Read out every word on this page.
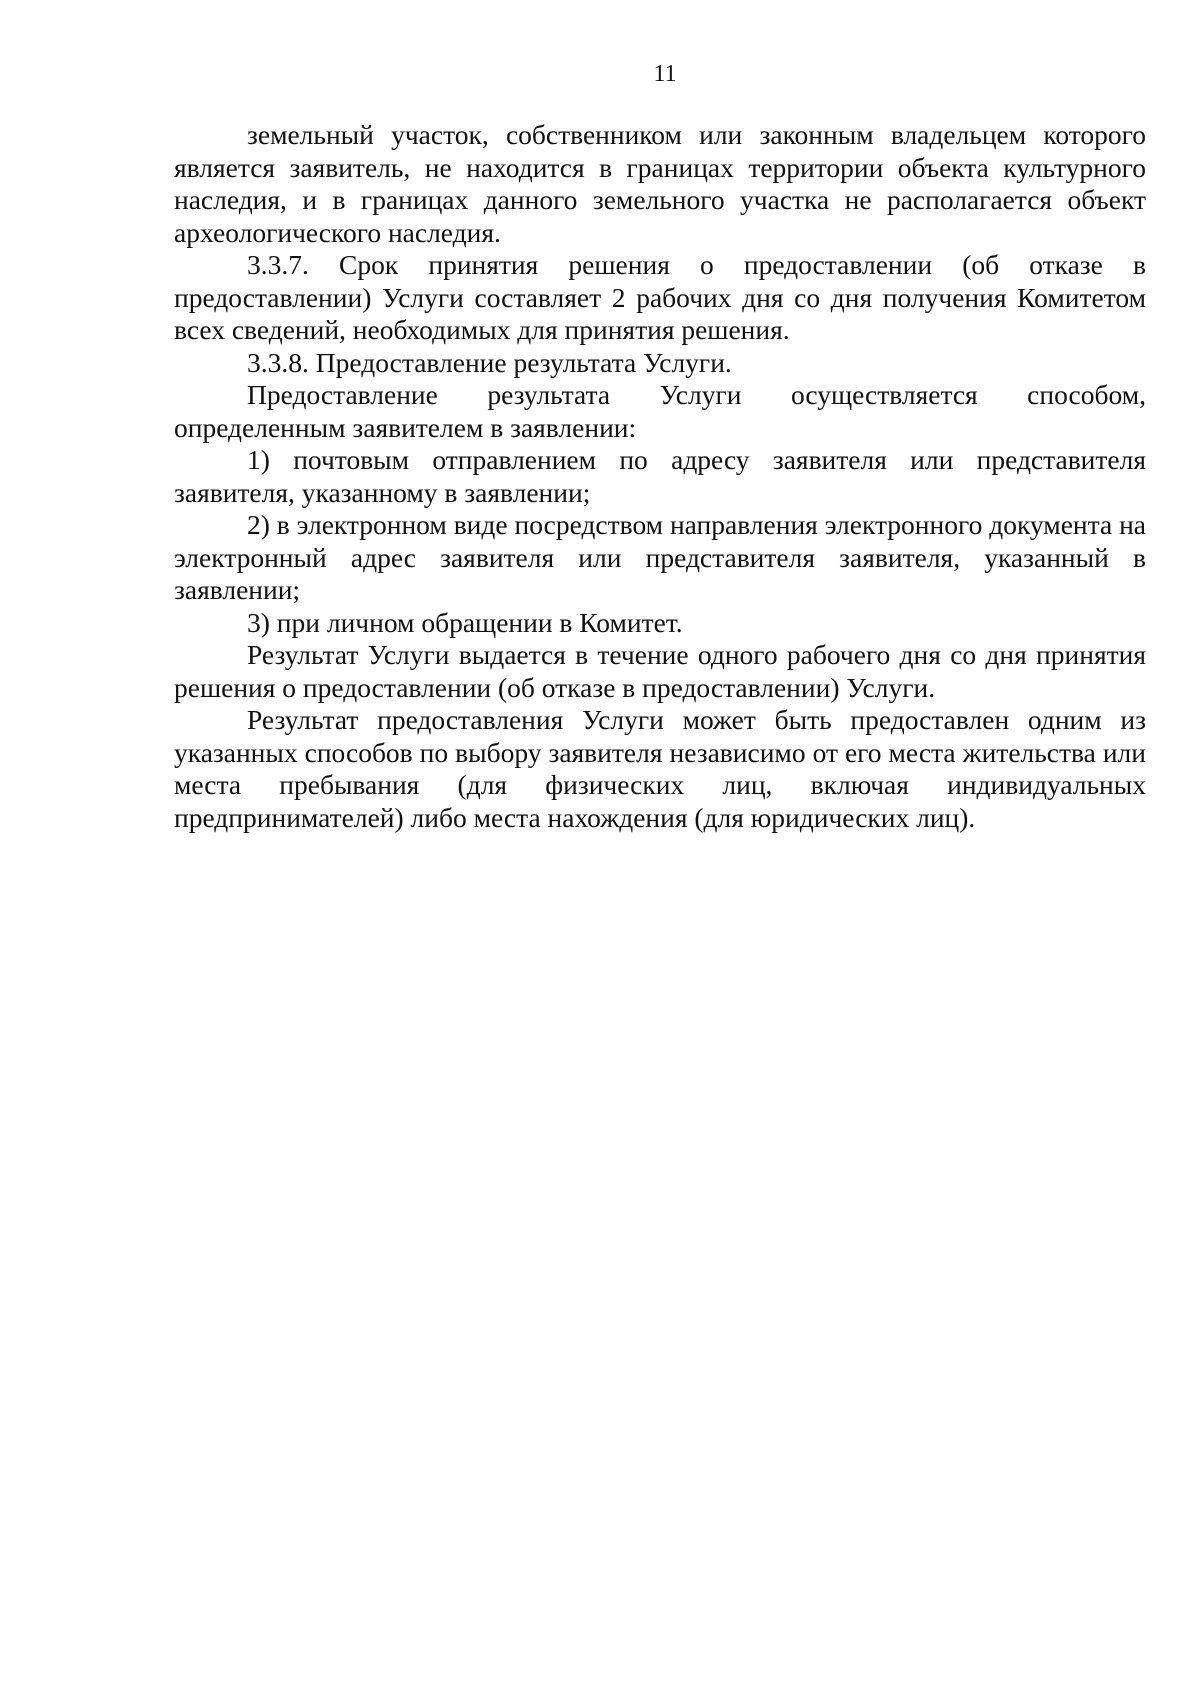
11

земельный участок, собственником или законным владельцем которого является заявитель, не находится в границах территории объекта культурного наследия, и в границах данного земельного участка не располагается объект археологического наследия.

3.3.7. Срок принятия решения о предоставлении (об отказе в предоставлении) Услуги составляет 2 рабочих дня со дня получения Комитетом всех сведений, необходимых для принятия решения.

3.3.8. Предоставление результата Услуги.

Предоставление результата Услуги осуществляется способом, определенным заявителем в заявлении:

1) почтовым отправлением по адресу заявителя или представителя заявителя, указанному в заявлении;

2) в электронном виде посредством направления электронного документа на электронный адрес заявителя или представителя заявителя, указанный в заявлении;

3) при личном обращении в Комитет.

Результат Услуги выдается в течение одного рабочего дня со дня принятия решения о предоставлении (об отказе в предоставлении) Услуги.

Результат предоставления Услуги может быть предоставлен одним из указанных способов по выбору заявителя независимо от его места жительства или места пребывания (для физических лиц, включая индивидуальных предпринимателей) либо места нахождения (для юридических лиц).
